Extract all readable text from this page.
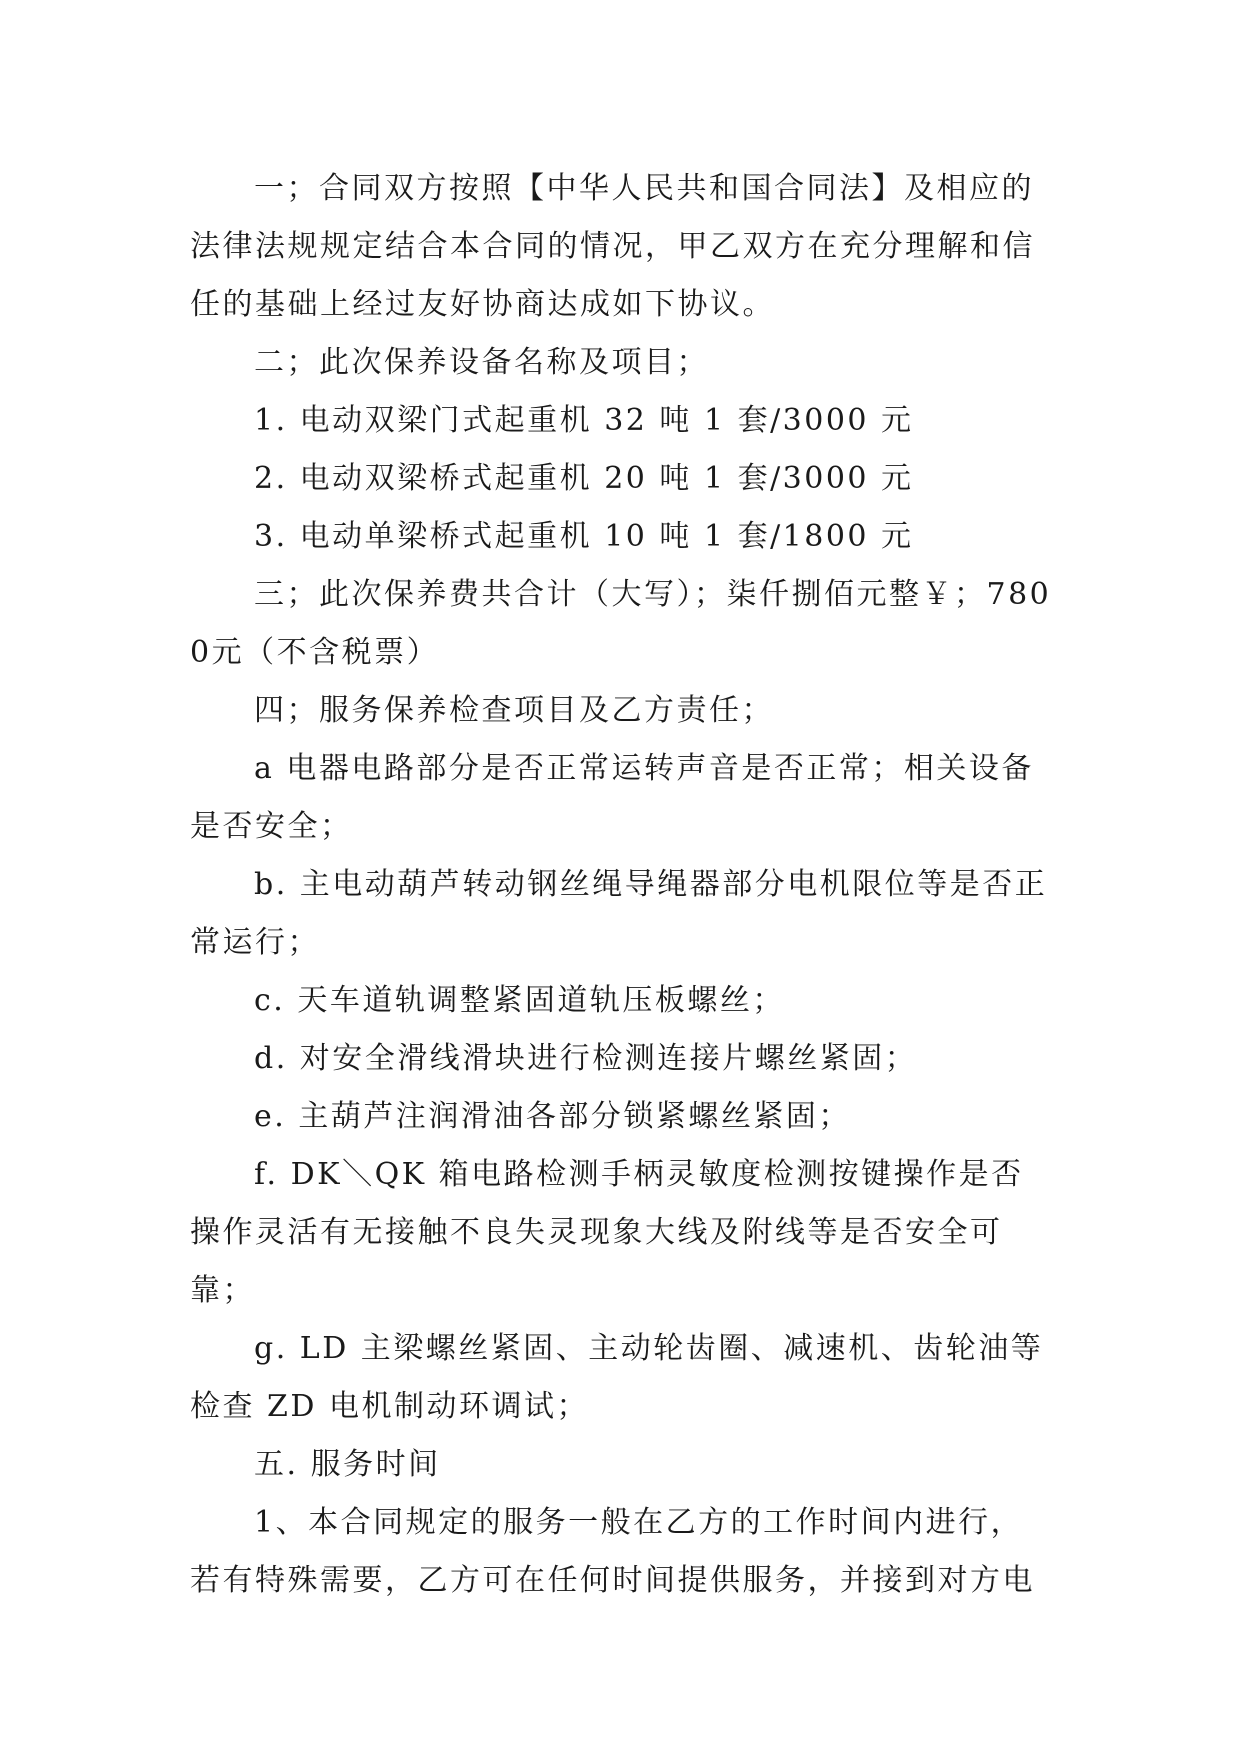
一；合同双方按照【中华人民共和国合同法】及相应的法律法规规定结合本合同的情况，甲乙双方在充分理解和信任的基础上经过友好协商达成如下协议。

二；此次保养设备名称及项目；

1. 电动双梁门式起重机 32 吨 1 套/3000 元

2. 电动双梁桥式起重机 20 吨 1 套/3000 元

3. 电动单梁桥式起重机 10 吨 1 套/1800 元

三；此次保养费共合计（大写）；柒仟捌佰元整￥；7800元（不含税票）

四；服务保养检查项目及乙方责任；

a 电器电路部分是否正常运转声音是否正常；相关设备是否安全；

b. 主电动葫芦转动钢丝绳导绳器部分电机限位等是否正常运行；

c. 天车道轨调整紧固道轨压板螺丝；

d. 对安全滑线滑块进行检测连接片螺丝紧固；

e. 主葫芦注润滑油各部分锁紧螺丝紧固；

f. DK＼QK 箱电路检测手柄灵敏度检测按键操作是否操作灵活有无接触不良失灵现象大线及附线等是否安全可靠；

g. LD 主梁螺丝紧固、主动轮齿圈、减速机、齿轮油等检查 ZD 电机制动环调试；

五. 服务时间

1、本合同规定的服务一般在乙方的工作时间内进行，若有特殊需要，乙方可在任何时间提供服务，并接到对方电
